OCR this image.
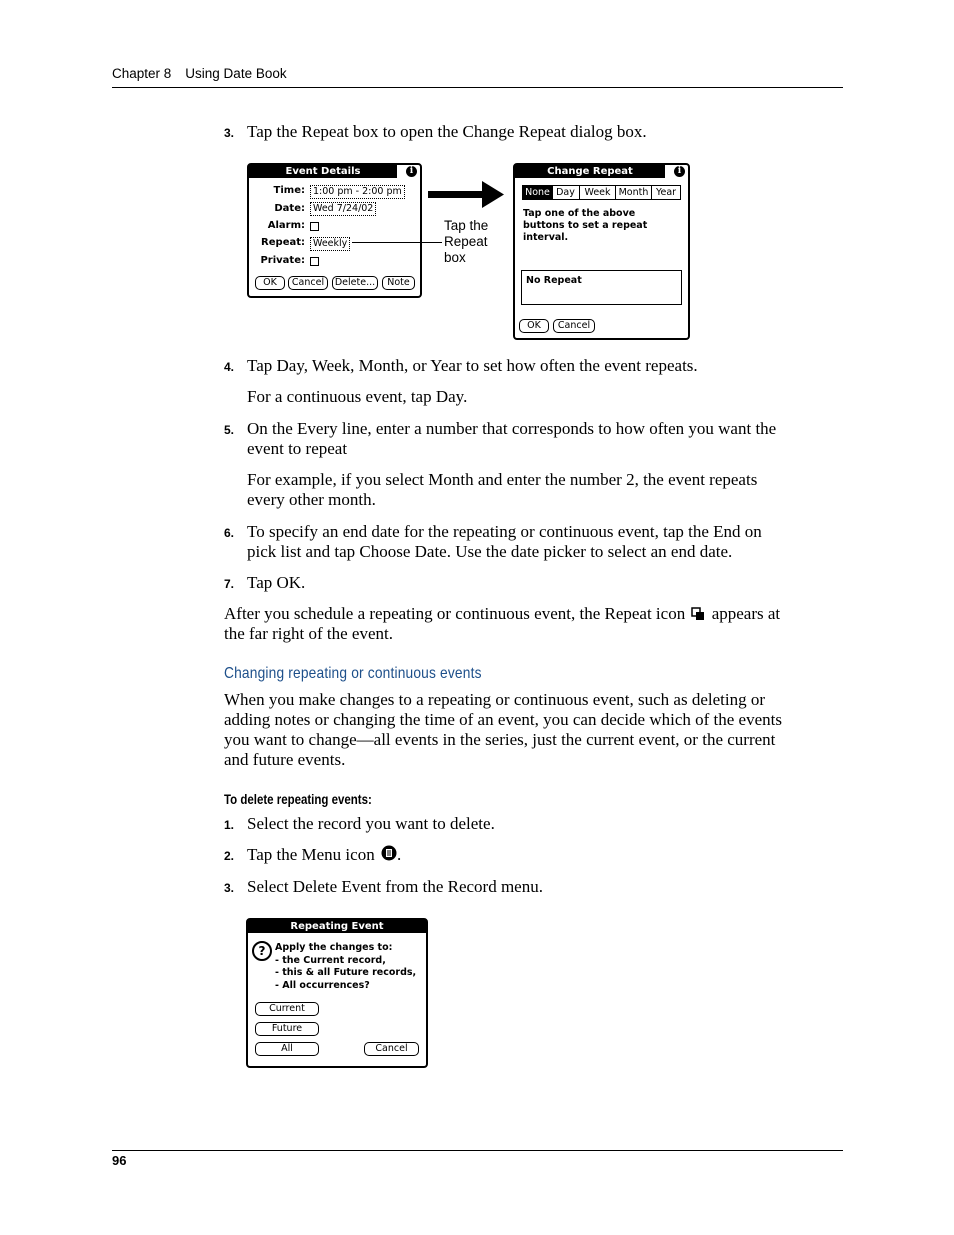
Chapter 8 Using Date Book
3. Tap the Repeat box to open the Change Repeat dialog box.
Event Details	i
Time: 1:00 pm - 2:00 pm
Date: Wed 7/24/02
Alarm:
Repeat: Weekly
Private:
OK	Cancel	Delete...	Note
Tap the
Repeat
box
Change Repeat	i
None Day	Week Month Year
Tap one of the above
buttons to set a repeat
interval.
No Repeat
OK	Cancel
4. Tap Day, Week, Month, or Year to set how often the event repeats.
For a continuous event, tap Day.
5. On the Every line, enter a number that corresponds to how often you want the
event to repeat
For example, if you select Month and enter the number 2, the event repeats
every other month.
6. To specify an end date for the repeating or continuous event, tap the End on
pick list and tap Choose Date. Use the date picker to select an end date.
7. Tap OK.
After you schedule a repeating or continuous event, the Repeat icon appears at
the far right of the event.
Changing repeating or continuous events
When you make changes to a repeating or continuous event, such as deleting or
adding notes or changing the time of an event, you can decide which of the events
you want to change—all events in the series, just the current event, or the current
and future events.
To delete repeating events:
1. Select the record you want to delete.
2. Tap the Menu icon .
3. Select Delete Event from the Record menu.
Repeating Event
?	Apply the changes to:
- the Current record,
- this & all Future records,
- All occurrences?
Current
Future
All	Cancel
96
